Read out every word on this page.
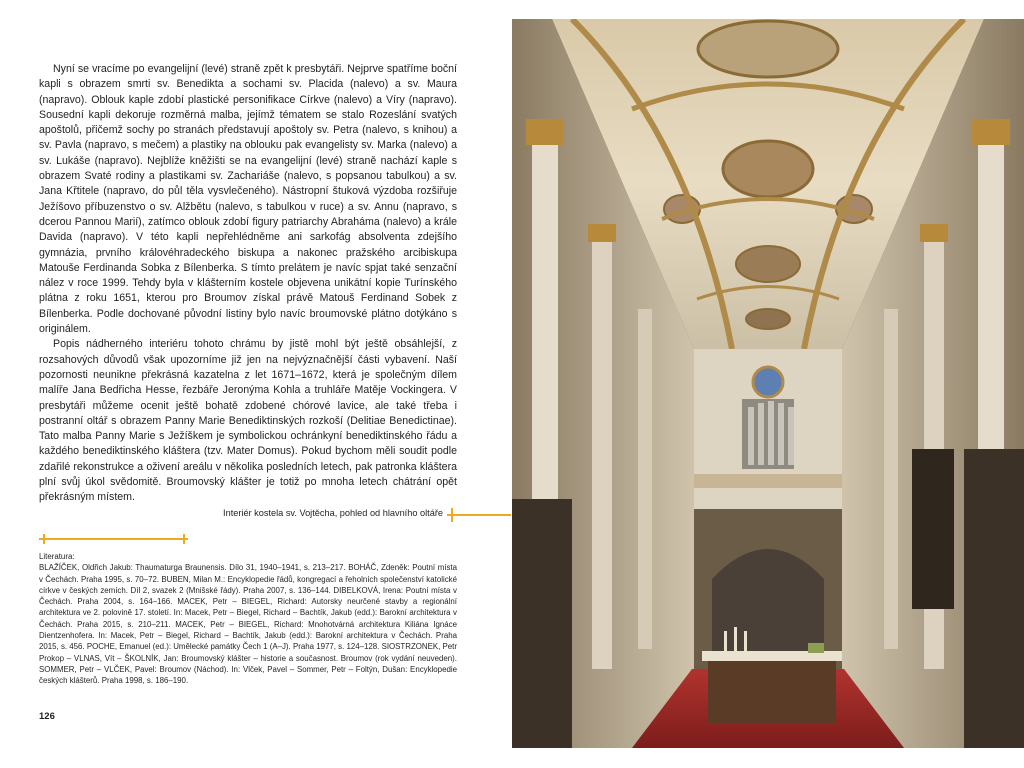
Nyní se vracíme po evangelijní (levé) straně zpět k presbytáři. Nejprve spatříme boční kapli s obrazem smrti sv. Benedikta a sochami sv. Placida (nalevo) a sv. Maura (napravo). Oblouk kaple zdobí plastické personifikace Církve (nalevo) a Víry (napravo). Sousední kapli dekoruje rozměrná malba, jejímž tématem se stalo Rozeslání svatých apoštolů, přičemž sochy po stranách představují apoštoly sv. Petra (nalevo, s knihou) a sv. Pavla (napravo, s mečem) a plastiky na oblouku pak evangelisty sv. Marka (nalevo) a sv. Lukáše (napravo). Nejblíže kněžišti se na evangelijní (levé) straně nachází kaple s obrazem Svaté rodiny a plastikami sv. Zachariáše (nalevo, s popsanou tabulkou) a sv. Jana Křtitele (napravo, do půl těla vysvlečeného). Nástropní štuková výzdoba rozšiřuje Ježíšovo příbuzenstvo o sv. Alžbětu (nalevo, s tabulkou v ruce) a sv. Annu (napravo, s dcerou Pannou Marií), zatímco oblouk zdobí figury patriarchy Abraháma (nalevo) a krále Davida (napravo). V této kapli nepřehlédněme ani sarkofág absolventa zdejšího gymnázia, prvního královéhradeckého biskupa a nakonec pražského arcibiskupa Matouše Ferdinanda Sobka z Bílenberka. S tímto prelátem je navíc spjat také senzační nález v roce 1999. Tehdy byla v klášterním kostele objevena unikátní kopie Turínského plátna z roku 1651, kterou pro Broumov získal právě Matouš Ferdinand Sobek z Bílenberka. Podle dochované původní listiny bylo navíc broumovské plátno dotýkáno s originálem.

Popis nádherného interiéru tohoto chrámu by jistě mohl být ještě obsáhlejší, z rozsahových důvodů však upozorníme již jen na nejvýznačnější části vybavení. Naší pozornosti neunikne překrásná kazatelna z let 1671–1672, která je společným dílem malíře Jana Bedřicha Hesse, řezbáře Jeronýma Kohla a truhláře Matěje Vockingera. V presbytáři můžeme ocenit ještě bohatě zdobené chórové lavice, ale také třeba i postranní oltář s obrazem Panny Marie Benediktinských rozkoší (Delitiae Benedictinae). Tato malba Panny Marie s Ježíškem je symbolickou ochránkyní benediktinského řádu a každého benediktinského kláštera (tzv. Mater Domus). Pokud bychom měli soudit podle zdařilé rekonstrukce a oživení areálu v několika posledních letech, pak patronka kláštera plní svůj úkol svědomitě. Broumovský klášter je totiž po mnoha letech chátrání opět překrásným místem.

Interiér kostela sv. Vojtěcha, pohled od hlavního oltáře
Literatura:

BLAŽÍČEK, Oldřich Jakub: Thaumaturga Braunensis. Dílo 31, 1940–1941, s. 213–217. BOHÁČ, Zdeněk: Poutní místa v Čechách. Praha 1995, s. 70–72. BUBEN, Milan M.: Encyklopedie řádů, kongregací a řeholních společenství katolické církve v českých zemích. Díl 2, svazek 2 (Mnišské řády). Praha 2007, s. 136–144. DIBELKOVÁ, Irena: Poutní místa v Čechách. Praha 2004, s. 164–166. MACEK, Petr – BIEGEL, Richard: Autorsky neurčené stavby a regionální architektura ve 2. polovině 17. století. In: Macek, Petr – Biegel, Richard – Bachtík, Jakub (edd.): Barokní architektura v Čechách. Praha 2015, s. 210–211. MACEK, Petr – BIEGEL, Richard: Mnohotvárná architektura Kiliána Ignáce Dientzenhofera. In: Macek, Petr – Biegel, Richard – Bachtík, Jakub (edd.): Barokní architektura v Čechách. Praha 2015, s. 456. POCHE, Emanuel (ed.): Umělecké památky Čech 1 (A–J). Praha 1977, s. 124–128. SIOSTRZONEK, Petr Prokop – VLNAS, Vít – ŠKOLNÍK, Jan: Broumovský klášter – historie a současnost. Broumov (rok vydání neuveden). SOMMER, Petr – VLČEK, Pavel: Broumov (Náchod). In: Vlček, Pavel – Sommer, Petr – Foltýn, Dušan: Encyklopedie českých klášterů. Praha 1998, s. 186–190.

126
